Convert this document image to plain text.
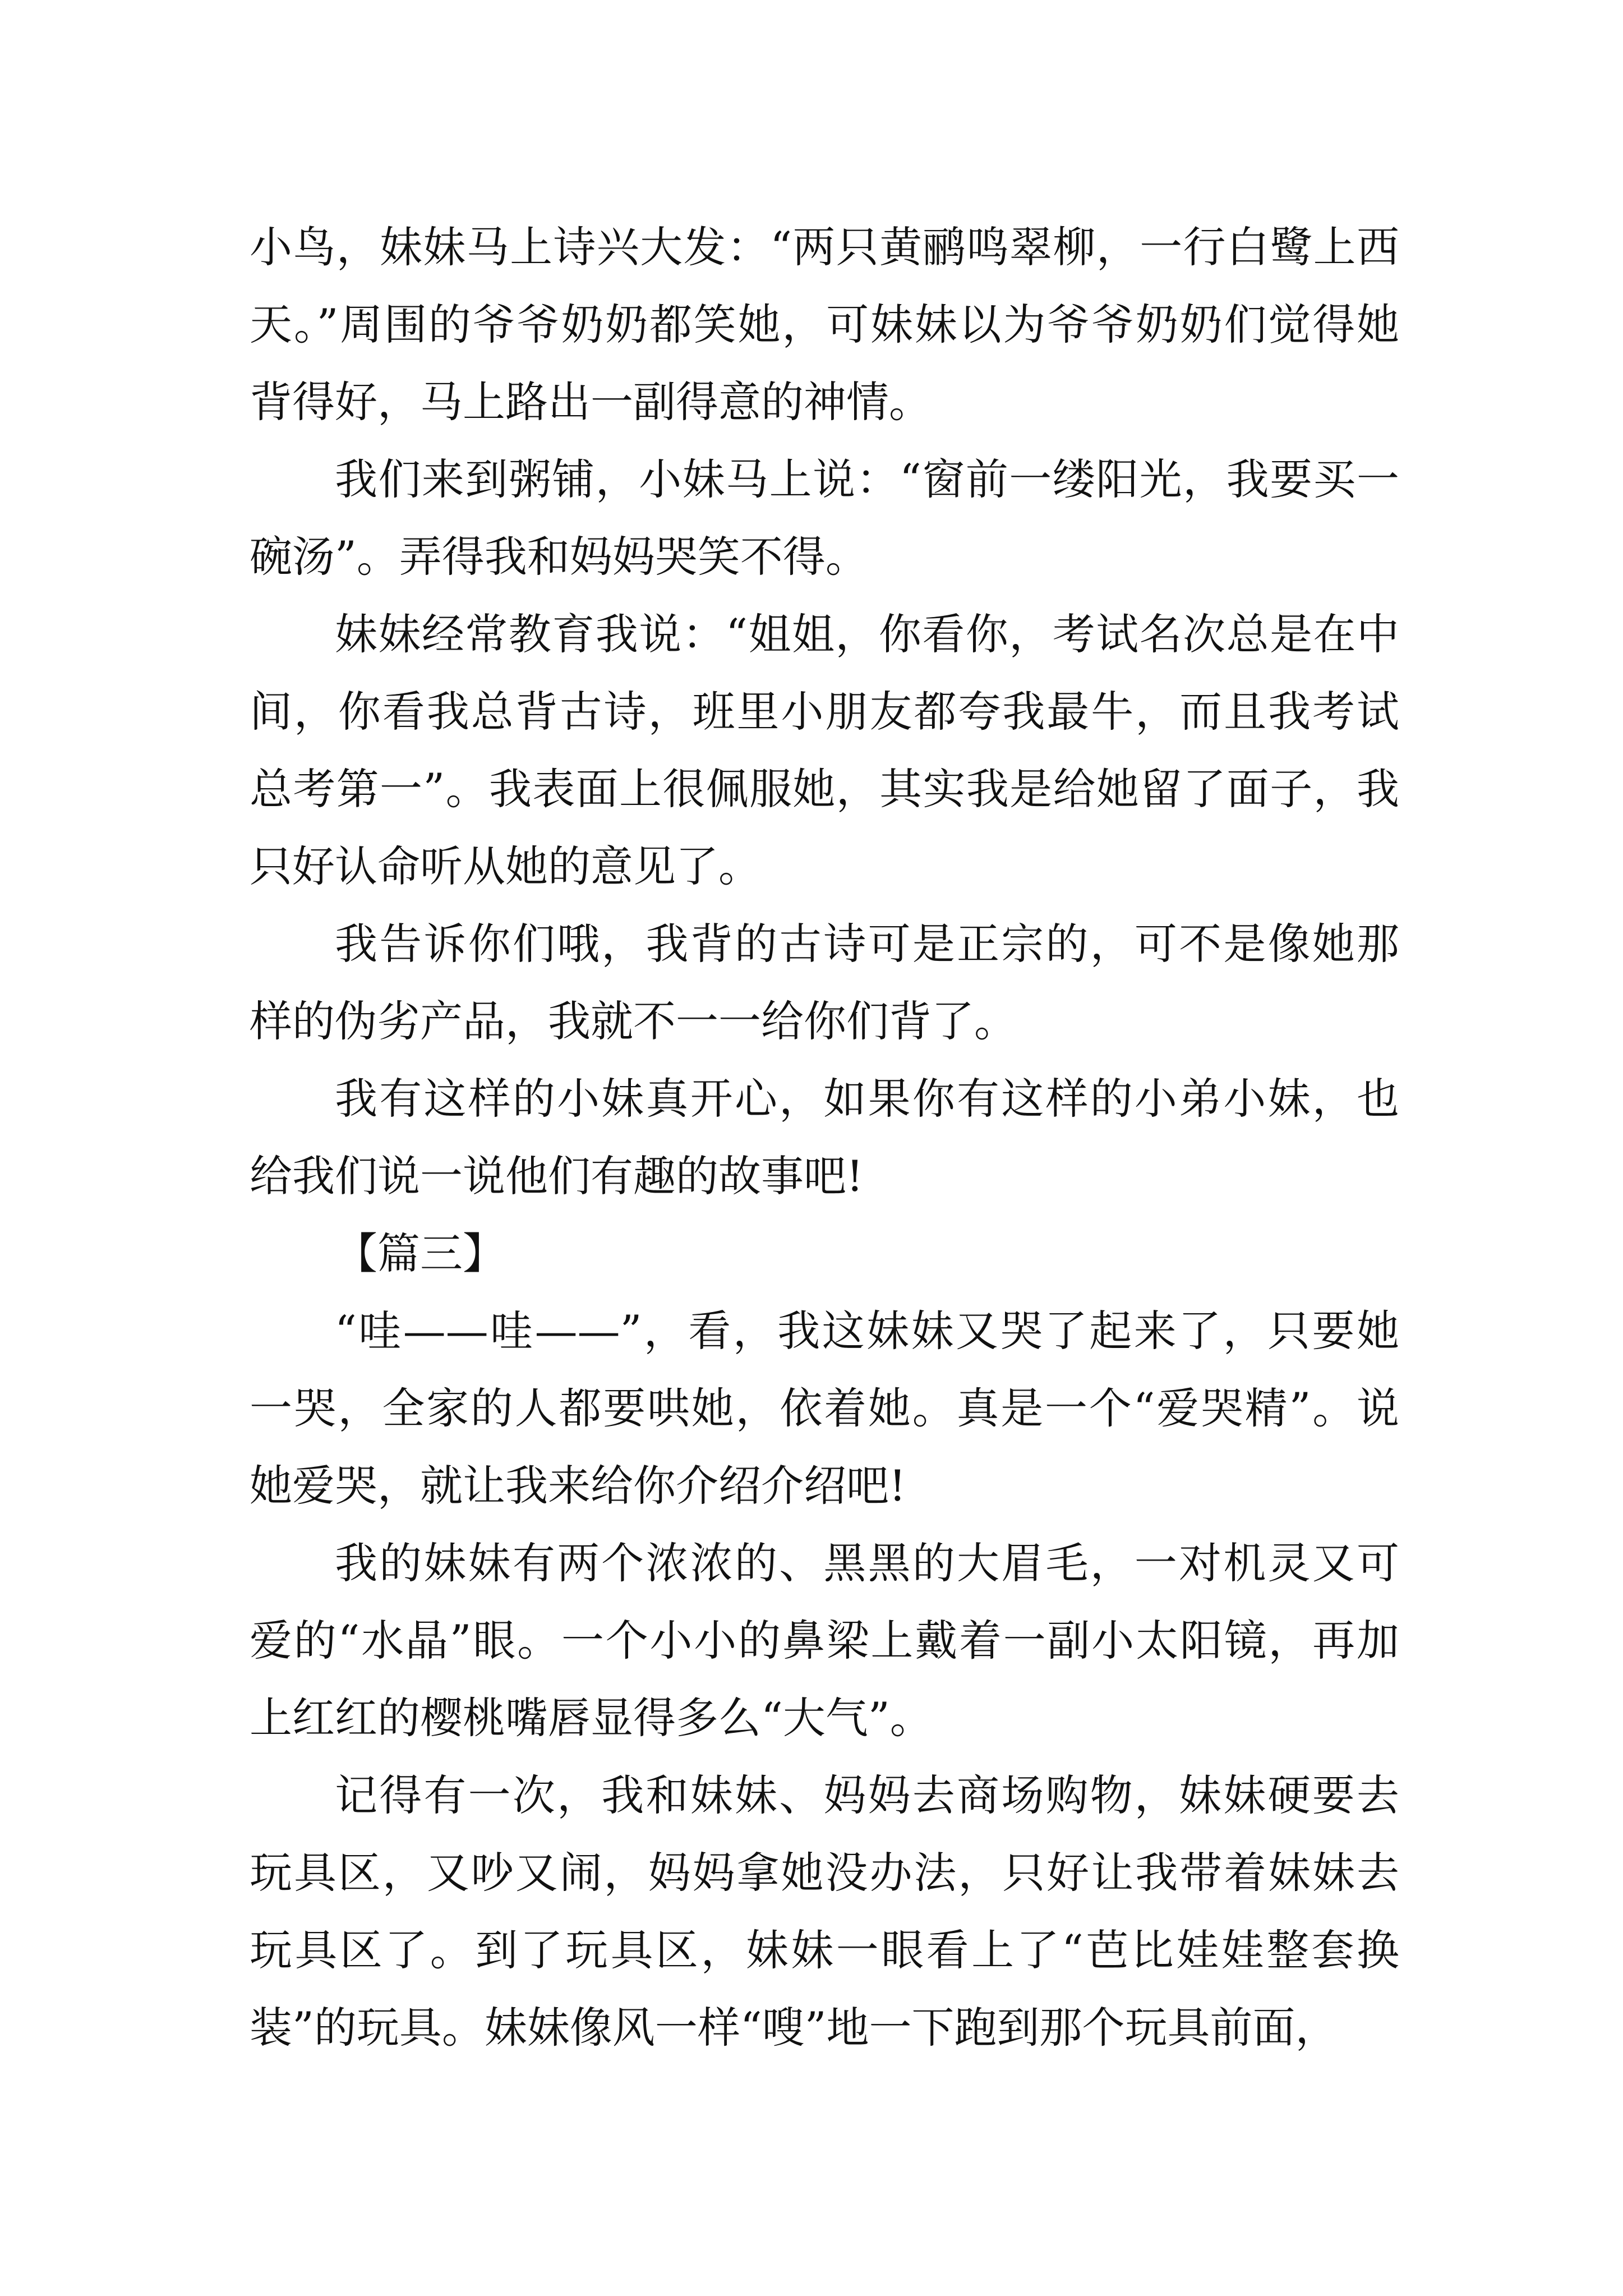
小鸟，妹妹马上诗兴大发：“两只黄鹂鸣翠柳，一行白鹭上西天。”周围的爷爷奶奶都笑她，可妹妹以为爷爷奶奶们觉得她背得好，马上路出一副得意的神情。

我们来到粥铺，小妹马上说：“窗前一缕阳光，我要买一碗汤”。弄得我和妈妈哭笑不得。

妹妹经常教育我说：“姐姐，你看你，考试名次总是在中间，你看我总背古诗，班里小朋友都夸我最牛，而且我考试总考第一”。我表面上很佩服她，其实我是给她留了面子，我只好认命听从她的意见了。

我告诉你们哦，我背的古诗可是正宗的，可不是像她那样的伪劣产品，我就不一一给你们背了。

我有这样的小妹真开心，如果你有这样的小弟小妹，也给我们说一说他们有趣的故事吧!

【篇三】

“哇——哇——”，看，我这妹妹又哭了起来了，只要她一哭，全家的人都要哄她，依着她。真是一个“爱哭精”。说她爱哭，就让我来给你介绍介绍吧!

我的妹妹有两个浓浓的、黑黑的大眉毛，一对机灵又可爱的“水晶”眼。一个小小的鼻梁上戴着一副小太阳镜，再加上红红的樱桃嘴唇显得多么“大气”。

记得有一次，我和妹妹、妈妈去商场购物，妹妹硬要去玩具区，又吵又闹，妈妈拿她没办法，只好让我带着妹妹去玩具区了。到了玩具区，妹妹一眼看上了“芭比娃娃整套换装”的玩具。妹妹像风一样“嗖”地一下跑到那个玩具前面，
